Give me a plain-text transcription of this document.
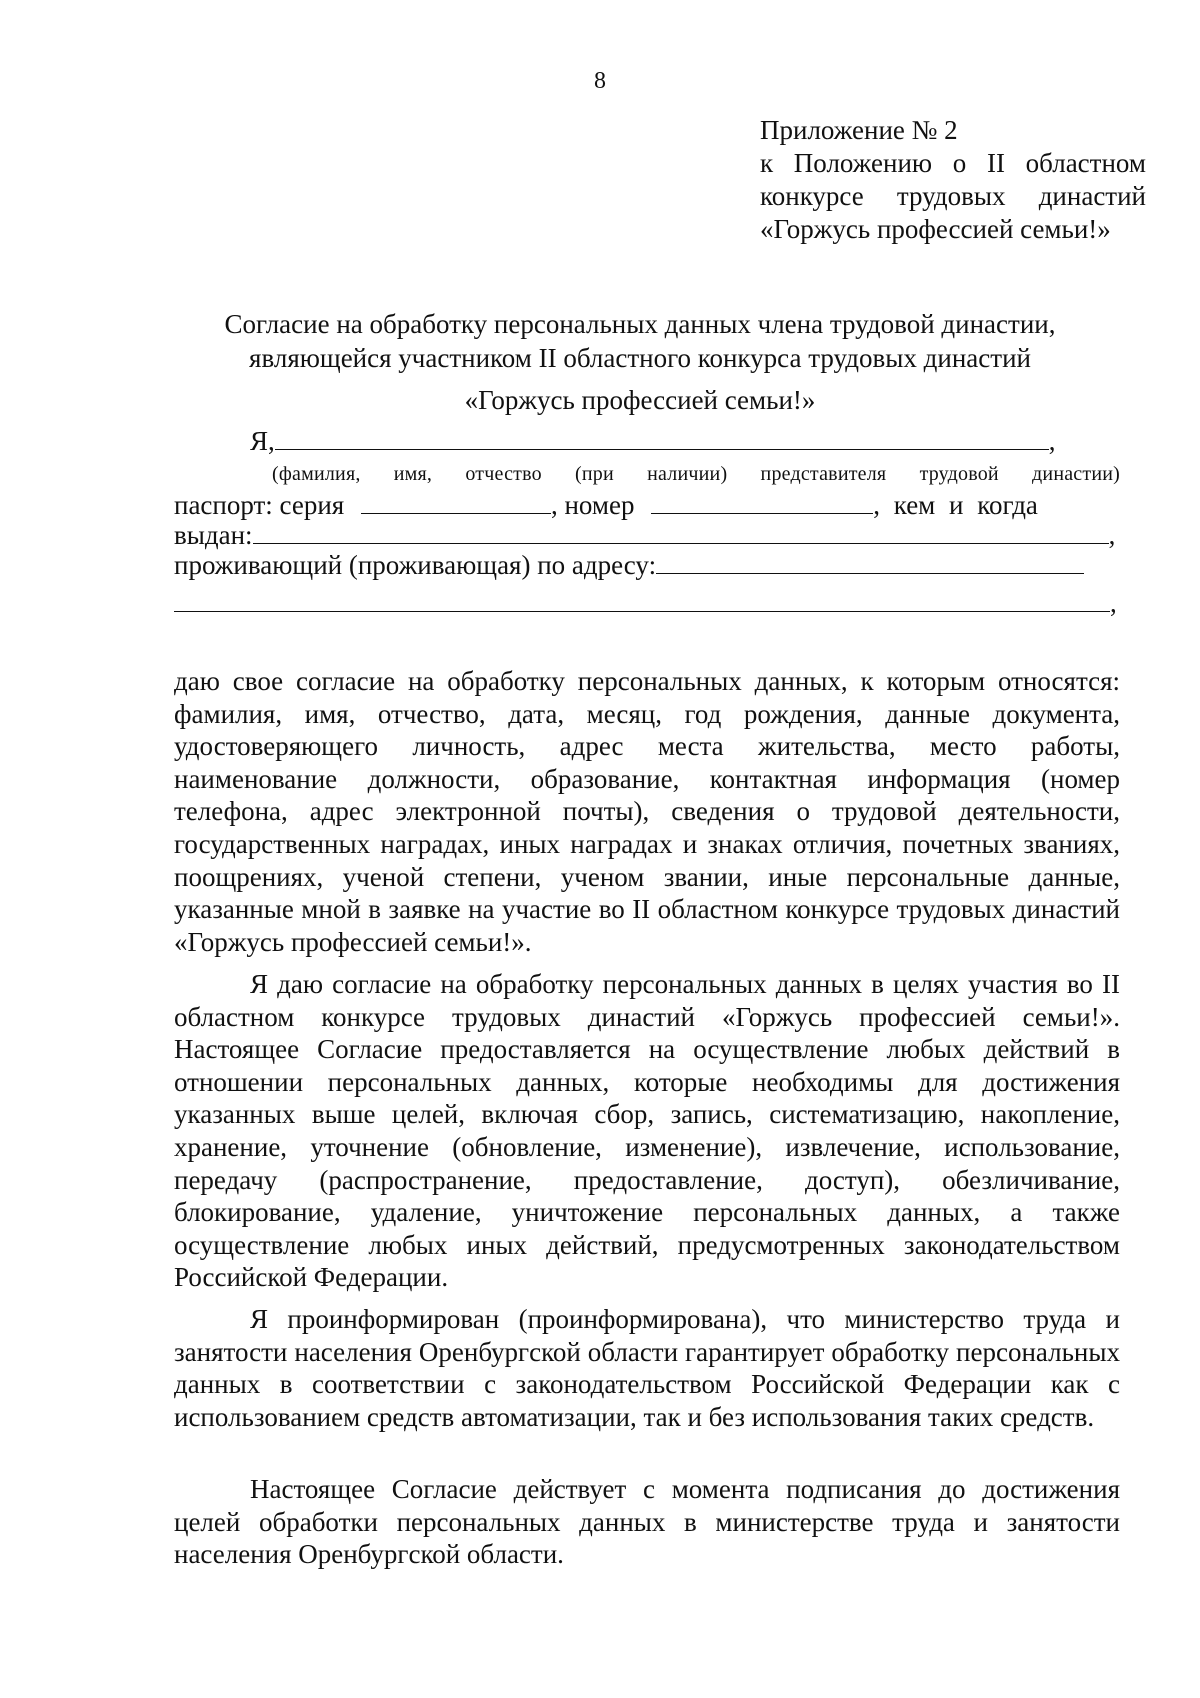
8
Приложение № 2
к Положению о II областном
конкурсе трудовых династий
«Горжусь профессией семьи!»
Согласие на обработку персональных данных члена трудовой династии,
являющейся участником II областного конкурса трудовых династий
«Горжусь профессией семьи!»
Я,	,
(фамилия, имя, отчество (при наличии) представителя трудовой династии)
паспорт: серия	, номер	, кем и когда
выдан:	,
проживающий (проживающая) по адресу:
,

даю свое согласие на обработку персональных данных, к которым относятся: фамилия, имя, отчество, дата, месяц, год рождения, данные документа, удостоверяющего личность, адрес места жительства, место работы, наименование должности, образование, контактная информация (номер телефона, адрес электронной почты), сведения о трудовой деятельности, государственных наградах, иных наградах и знаках отличия, почетных званиях, поощрениях, ученой степени, ученом звании, иные персональные данные, указанные мной в заявке на участие во II областном конкурсе трудовых династий «Горжусь профессией семьи!».

Я даю согласие на обработку персональных данных в целях участия во II областном конкурсе трудовых династий «Горжусь профессией семьи!». Настоящее Согласие предоставляется на осуществление любых действий в отношении персональных данных, которые необходимы для достижения указанных выше целей, включая сбор, запись, систематизацию, накопление, хранение, уточнение (обновление, изменение), извлечение, использование, передачу (распространение, предоставление, доступ), обезличивание, блокирование, удаление, уничтожение персональных данных, а также осуществление любых иных действий, предусмотренных законодательством Российской Федерации.

Я проинформирован (проинформирована), что министерство труда и занятости населения Оренбургской области гарантирует обработку персональных данных в соответствии с законодательством Российской Федерации как с использованием средств автоматизации, так и без использования таких средств.

Настоящее Согласие действует с момента подписания до достижения целей обработки персональных данных в министерстве труда и занятости населения Оренбургской области.
